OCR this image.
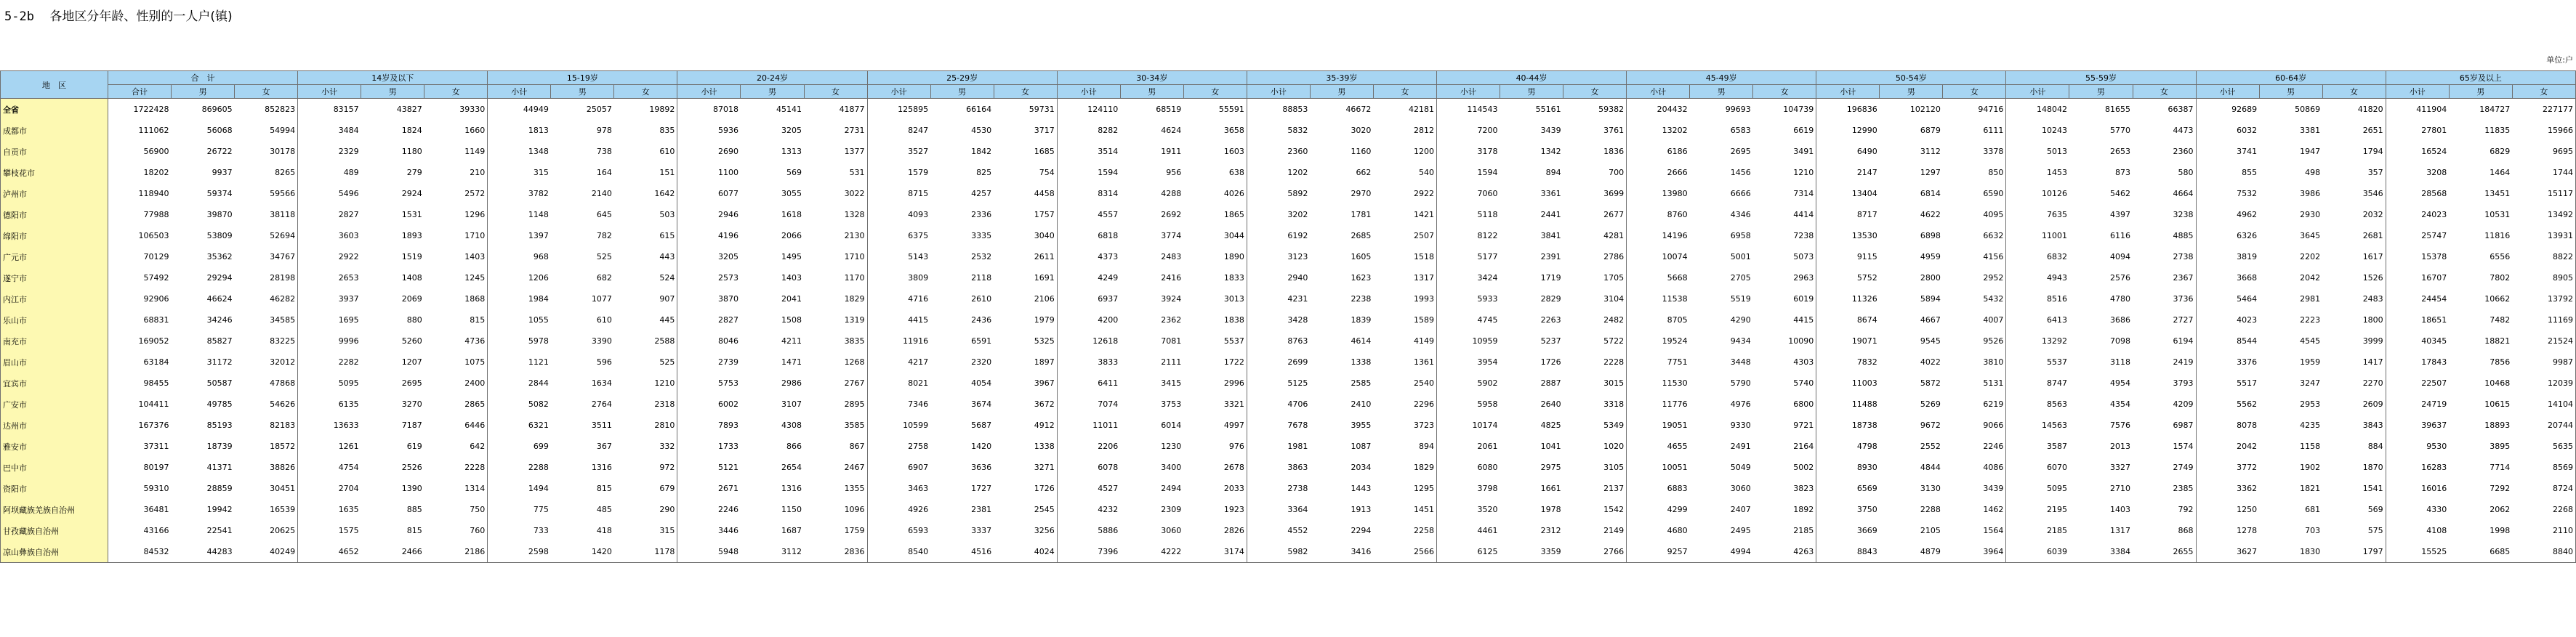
5-2b 各地区分年龄、性别的一人户(镇)
单位:户
地　区	合　计			14岁及以下			15-19岁			20-24岁			25-29岁			30-34岁			35-39岁			40-44岁			45-49岁			50-54岁			55-59岁			60-64岁			65岁及以上		
	合计	男	女	小计	男	女	小计	男	女	小计	男	女	小计	男	女	小计	男	女	小计	男	女	小计	男	女	小计	男	女	小计	男	女	小计	男	女	小计	男	女	小计	男	女
全省	1722428	869605	852823	83157	43827	39330	44949	25057	19892	87018	45141	41877	125895	66164	59731	124110	68519	55591	88853	46672	42181	114543	55161	59382	204432	99693	104739	196836	102120	94716	148042	81655	66387	92689	50869	41820	411904	184727	227177
成都市	111062	56068	54994	3484	1824	1660	1813	978	835	5936	3205	2731	8247	4530	3717	8282	4624	3658	5832	3020	2812	7200	3439	3761	13202	6583	6619	12990	6879	6111	10243	5770	4473	6032	3381	2651	27801	11835	15966
自贡市	56900	26722	30178	2329	1180	1149	1348	738	610	2690	1313	1377	3527	1842	1685	3514	1911	1603	2360	1160	1200	3178	1342	1836	6186	2695	3491	6490	3112	3378	5013	2653	2360	3741	1947	1794	16524	6829	9695
攀枝花市	18202	9937	8265	489	279	210	315	164	151	1100	569	531	1579	825	754	1594	956	638	1202	662	540	1594	894	700	2666	1456	1210	2147	1297	850	1453	873	580	855	498	357	3208	1464	1744
泸州市	118940	59374	59566	5496	2924	2572	3782	2140	1642	6077	3055	3022	8715	4257	4458	8314	4288	4026	5892	2970	2922	7060	3361	3699	13980	6666	7314	13404	6814	6590	10126	5462	4664	7532	3986	3546	28568	13451	15117
德阳市	77988	39870	38118	2827	1531	1296	1148	645	503	2946	1618	1328	4093	2336	1757	4557	2692	1865	3202	1781	1421	5118	2441	2677	8760	4346	4414	8717	4622	4095	7635	4397	3238	4962	2930	2032	24023	10531	13492
绵阳市	106503	53809	52694	3603	1893	1710	1397	782	615	4196	2066	2130	6375	3335	3040	6818	3774	3044	6192	2685	2507	8122	3841	4281	14196	6958	7238	13530	6898	6632	11001	6116	4885	6326	3645	2681	25747	11816	13931
广元市	70129	35362	34767	2922	1519	1403	968	525	443	3205	1495	1710	5143	2532	2611	4373	2483	1890	3123	1605	1518	5177	2391	2786	10074	5001	5073	9115	4959	4156	6832	4094	2738	3819	2202	1617	15378	6556	8822
遂宁市	57492	29294	28198	2653	1408	1245	1206	682	524	2573	1403	1170	3809	2118	1691	4249	2416	1833	2940	1623	1317	3424	1719	1705	5668	2705	2963	5752	2800	2952	4943	2576	2367	3668	2042	1526	16707	7802	8905
内江市	92906	46624	46282	3937	2069	1868	1984	1077	907	3870	2041	1829	4716	2610	2106	6937	3924	3013	4231	2238	1993	5933	2829	3104	11538	5519	6019	11326	5894	5432	8516	4780	3736	5464	2981	2483	24454	10662	13792
乐山市	68831	34246	34585	1695	880	815	1055	610	445	2827	1508	1319	4415	2436	1979	4200	2362	1838	3428	1839	1589	4745	2263	2482	8705	4290	4415	8674	4667	4007	6413	3686	2727	4023	2223	1800	18651	7482	11169
南充市	169052	85827	83225	9996	5260	4736	5978	3390	2588	8046	4211	3835	11916	6591	5325	12618	7081	5537	8763	4614	4149	10959	5237	5722	19524	9434	10090	19071	9545	9526	13292	7098	6194	8544	4545	3999	40345	18821	21524
眉山市	63184	31172	32012	2282	1207	1075	1121	596	525	2739	1471	1268	4217	2320	1897	3833	2111	1722	2699	1338	1361	3954	1726	2228	7751	3448	4303	7832	4022	3810	5537	3118	2419	3376	1959	1417	17843	7856	9987
宜宾市	98455	50587	47868	5095	2695	2400	2844	1634	1210	5753	2986	2767	8021	4054	3967	6411	3415	2996	5125	2585	2540	5902	2887	3015	11530	5790	5740	11003	5872	5131	8747	4954	3793	5517	3247	2270	22507	10468	12039
广安市	104411	49785	54626	6135	3270	2865	5082	2764	2318	6002	3107	2895	7346	3674	3672	7074	3753	3321	4706	2410	2296	5958	2640	3318	11776	4976	6800	11488	5269	6219	8563	4354	4209	5562	2953	2609	24719	10615	14104
达州市	167376	85193	82183	13633	7187	6446	6321	3511	2810	7893	4308	3585	10599	5687	4912	11011	6014	4997	7678	3955	3723	10174	4825	5349	19051	9330	9721	18738	9672	9066	14563	7576	6987	8078	4235	3843	39637	18893	20744
雅安市	37311	18739	18572	1261	619	642	699	367	332	1733	866	867	2758	1420	1338	2206	1230	976	1981	1087	894	2061	1041	1020	4655	2491	2164	4798	2552	2246	3587	2013	1574	2042	1158	884	9530	3895	5635
巴中市	80197	41371	38826	4754	2526	2228	2288	1316	972	5121	2654	2467	6907	3636	3271	6078	3400	2678	3863	2034	1829	6080	2975	3105	10051	5049	5002	8930	4844	4086	6070	3327	2749	3772	1902	1870	16283	7714	8569
资阳市	59310	28859	30451	2704	1390	1314	1494	815	679	2671	1316	1355	3463	1727	1726	4527	2494	2033	2738	1443	1295	3798	1661	2137	6883	3060	3823	6569	3130	3439	5095	2710	2385	3362	1821	1541	16016	7292	8724
阿坝藏族羌族自治州	36481	19942	16539	1635	885	750	775	485	290	2246	1150	1096	4926	2381	2545	4232	2309	1923	3364	1913	1451	3520	1978	1542	4299	2407	1892	3750	2288	1462	2195	1403	792	1250	681	569	4330	2062	2268
甘孜藏族自治州	43166	22541	20625	1575	815	760	733	418	315	3446	1687	1759	6593	3337	3256	5886	3060	2826	4552	2294	2258	4461	2312	2149	4680	2495	2185	3669	2105	1564	2185	1317	868	1278	703	575	4108	1998	2110
凉山彝族自治州	84532	44283	40249	4652	2466	2186	2598	1420	1178	5948	3112	2836	8540	4516	4024	7396	4222	3174	5982	3416	2566	6125	3359	2766	9257	4994	4263	8843	4879	3964	6039	3384	2655	3627	1830	1797	15525	6685	8840
